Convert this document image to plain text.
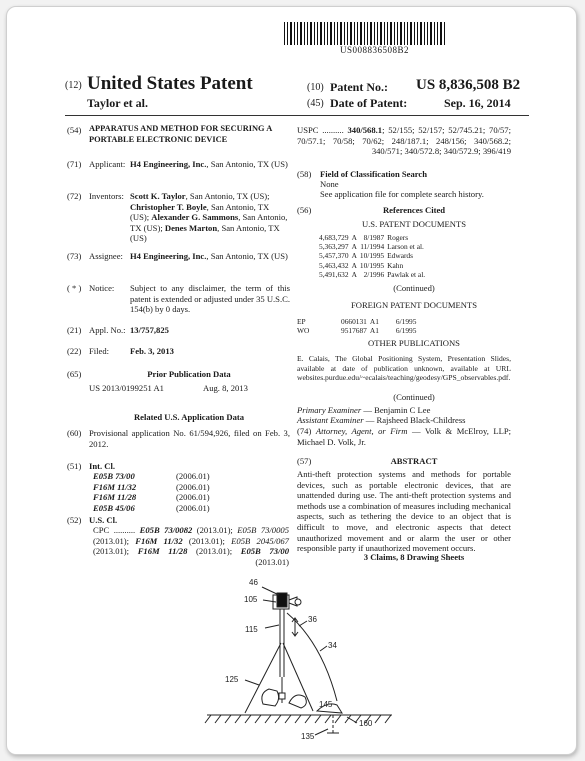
US008836508B2
(12) United States Patent
Taylor et al.
(10) Patent No.: US 8,836,508 B2
(45) Date of Patent:	Sep. 16, 2014
(54) APPARATUS AND METHOD FOR SECURING A PORTABLE ELECTRONIC DEVICE
(71) Applicant: H4 Engineering, Inc., San Antonio, TX (US)
(72) Inventors: Scott K. Taylor, San Antonio, TX (US); Christopher T. Boyle, San Antonio, TX (US); Alexander G. Sammons, San Antonio, TX (US); Denes Marton, San Antonio, TX (US)
(73) Assignee: H4 Engineering, Inc., San Antonio, TX (US)
( * ) Notice: Subject to any disclaimer, the term of this patent is extended or adjusted under 35 U.S.C. 154(b) by 0 days.
(21) Appl. No.: 13/757,825
(22) Filed: Feb. 3, 2013
(65)	Prior Publication Data
US 2013/0199251 A1	Aug. 8, 2013
Related U.S. Application Data
(60) Provisional application No. 61/594,926, filed on Feb. 3, 2012.
(51) Int. Cl.
E05B 73/00	(2006.01)
F16M 11/32	(2006.01)
F16M 11/28	(2006.01)
E05B 45/06	(2006.01)
(52) U.S. Cl.
CPC .......... E05B 73/0082 (2013.01); E05B 73/0005 (2013.01); F16M 11/32 (2013.01); E05B 2045/067 (2013.01); F16M 11/28 (2013.01); E05B 73/00 (2013.01)
USPC .......... 340/568.1; 52/155; 52/157; 52/745.21; 70/57; 70/57.1; 70/58; 70/62; 248/187.1; 248/156; 340/568.2; 340/571; 340/572.8; 340/572.9; 396/419
(58) Field of Classification Search
None
See application file for complete search history.
(56)	References Cited
U.S. PATENT DOCUMENTS
4,683,729	A	8/1987	Rogers
5,363,297	A	11/1994	Larson et al.
5,457,370	A	10/1995	Edwards
5,463,432	A	10/1995	Kahn
5,491,632	A	2/1996	Pawlak et al.
(Continued)
FOREIGN PATENT DOCUMENTS
EP	0660131	A1	6/1995
WO	9517687	A1	6/1995
OTHER PUBLICATIONS
E. Calais, The Global Positioning System, Presentation Slides, available at date of publication unknown, available at URL websites.purdue.edu/~ecalais/teaching/geodesy/GPS_observables.pdf.
(Continued)
Primary Examiner — Benjamin C Lee
Assistant Examiner — Rajsheed Black-Childress
(74) Attorney, Agent, or Firm — Volk & McElroy, LLP; Michael D. Volk, Jr.
(57)	ABSTRACT
Anti-theft protection systems and methods for portable devices, such as portable electronic devices, that are unattended during use. The anti-theft protection systems and methods use a combination of measures including mechanical aspects, such as tethering the device to an object that is difficult to move, and electronic aspects that detect unauthorized movement and or alarm the user or other responsible party if unauthorized movement occurs.
3 Claims, 8 Drawing Sheets
46
105
115
36
34
125
145
135
160
